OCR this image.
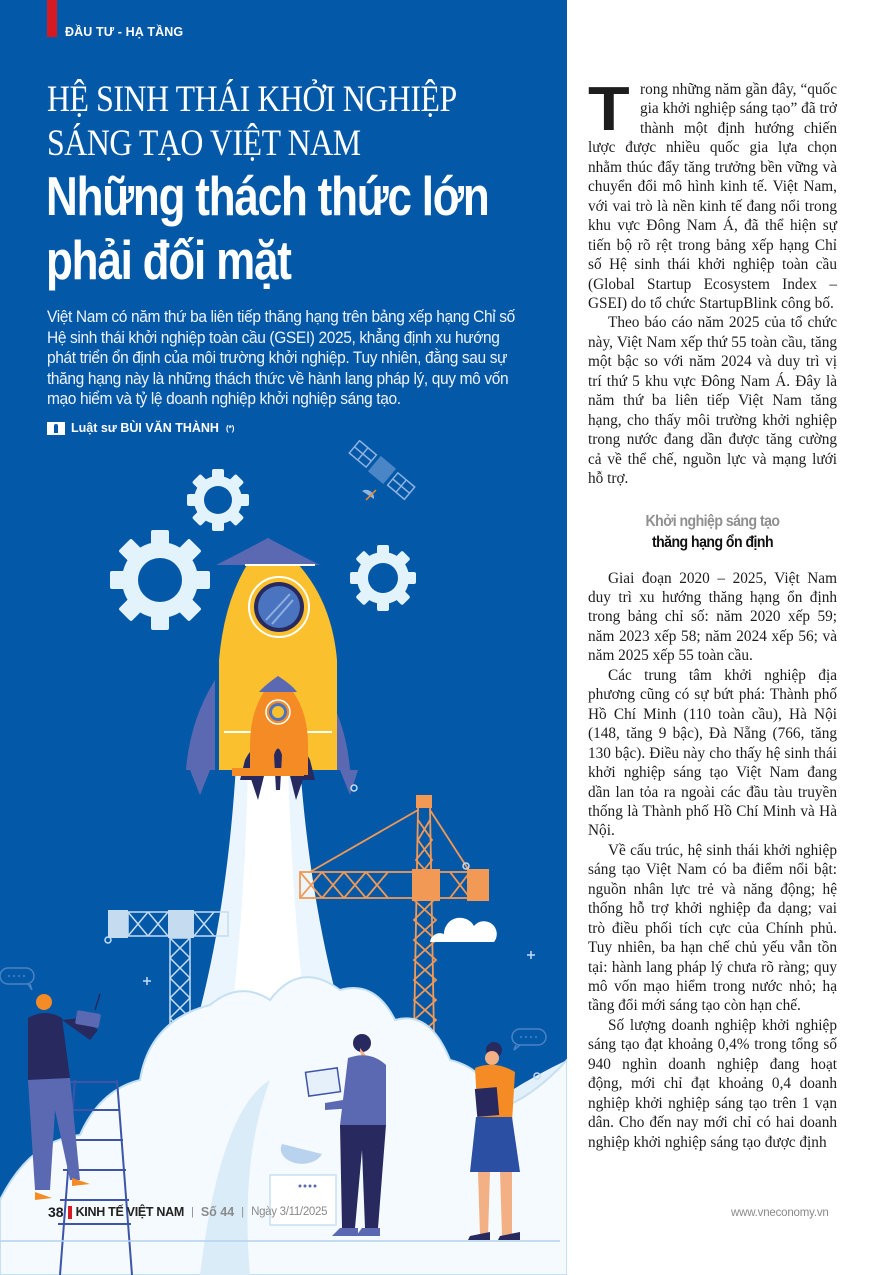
ĐẦU TƯ - HẠ TẦNG
HỆ SINH THÁI KHỞI NGHIỆP
SÁNG TẠO VIỆT NAM
Những thách thức lớn
phải đối mặt

Việt Nam có năm thứ ba liên tiếp thăng hạng trên bảng xếp hạng Chỉ số

Hệ sinh thái khởi nghiệp toàn cầu (GSEI) 2025, khẳng định xu hướng

phát triển ổn định của môi trường khởi nghiệp. Tuy nhiên, đằng sau sự

thăng hạng này là những thách thức về hành lang pháp lý, quy mô vốn

mạo hiểm và tỷ lệ doanh nghiệp khởi nghiệp sáng tạo.

Luật sư BÙI VĂN THÀNH (*)
38 KINH TẾ VIỆT NAM | Số 44 | Ngày 3/11/2025	www.vneconomy.vn

Trong những năm gần đây, “quốc gia khởi nghiệp sáng tạo” đã trở thành một định hướng chiến lược được nhiều quốc gia lựa chọn nhằm thúc đẩy tăng trưởng bền vững và chuyển đổi mô hình kinh tế. Việt Nam, với vai trò là nền kinh tế đang nổi trong khu vực Đông Nam Á, đã thể hiện sự tiến bộ rõ rệt trong bảng xếp hạng Chỉ số Hệ sinh thái khởi nghiệp toàn cầu (Global Startup Ecosystem Index – GSEI) do tổ chức StartupBlink công bố.

Theo báo cáo năm 2025 của tổ chức này, Việt Nam xếp thứ 55 toàn cầu, tăng một bậc so với năm 2024 và duy trì vị trí thứ 5 khu vực Đông Nam Á. Đây là năm thứ ba liên tiếp Việt Nam tăng hạng, cho thấy môi trường khởi nghiệp trong nước đang dần được tăng cường cả về thể chế, nguồn lực và mạng lưới hỗ trợ.

Khởi nghiệp sáng tạo
thăng hạng ổn định

Giai đoạn 2020 – 2025, Việt Nam duy trì xu hướng thăng hạng ổn định trong bảng chỉ số: năm 2020 xếp 59; năm 2023 xếp 58; năm 2024 xếp 56; và năm 2025 xếp 55 toàn cầu.

Các trung tâm khởi nghiệp địa phương cũng có sự bứt phá: Thành phố Hồ Chí Minh (110 toàn cầu), Hà Nội (148, tăng 9 bậc), Đà Nẵng (766, tăng 130 bậc). Điều này cho thấy hệ sinh thái khởi nghiệp sáng tạo Việt Nam đang dần lan tỏa ra ngoài các đầu tàu truyền thống là Thành phố Hồ Chí Minh và Hà Nội.

Về cấu trúc, hệ sinh thái khởi nghiệp sáng tạo Việt Nam có ba điểm nổi bật: nguồn nhân lực trẻ và năng động; hệ thống hỗ trợ khởi nghiệp đa dạng; vai trò điều phối tích cực của Chính phủ. Tuy nhiên, ba hạn chế chủ yếu vẫn tồn tại: hành lang pháp lý chưa rõ ràng; quy mô vốn mạo hiểm trong nước nhỏ; hạ tầng đổi mới sáng tạo còn hạn chế.

Số lượng doanh nghiệp khởi nghiệp sáng tạo đạt khoảng 0,4% trong tổng số 940 nghìn doanh nghiệp đang hoạt động, mới chỉ đạt khoảng 0,4 doanh nghiệp khởi nghiệp sáng tạo trên 1 vạn dân. Cho đến nay mới chỉ có hai doanh nghiệp khởi nghiệp sáng tạo được định
